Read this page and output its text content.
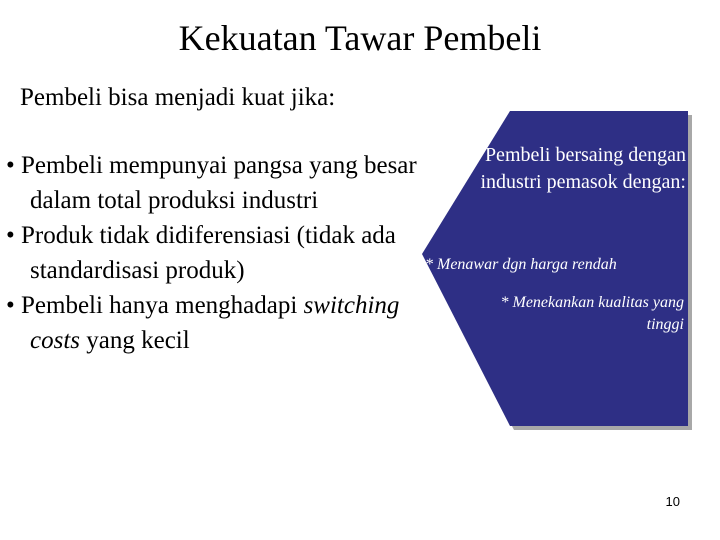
Kekuatan Tawar Pembeli
Pembeli bisa menjadi kuat jika:
• Pembeli mempunyai pangsa yang besar dalam total produksi industri
• Produk tidak didiferensiasi (tidak ada standardisasi produk)
• Pembeli hanya menghadapi switching costs yang kecil
Pembeli bersaing dengan industri pemasok dengan:
* Menawar dgn harga rendah
* Menekankan kualitas yang tinggi
10
